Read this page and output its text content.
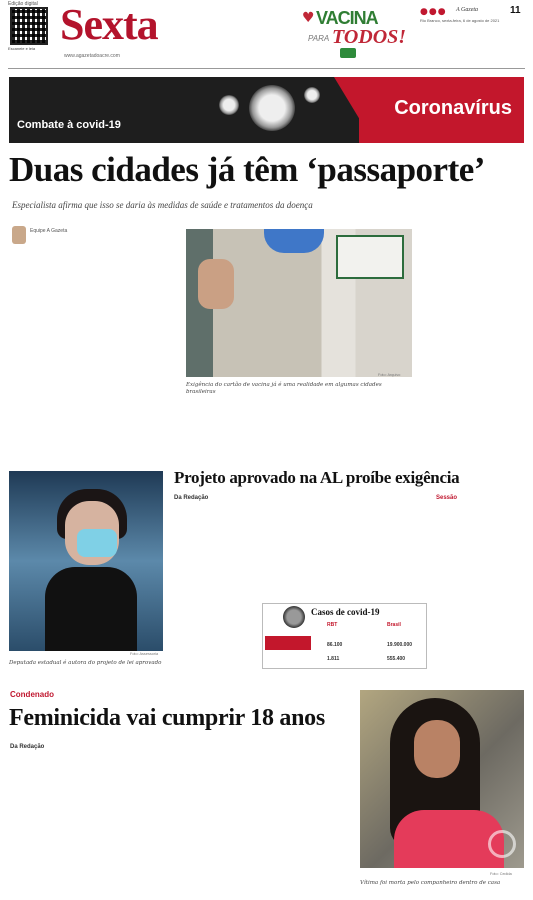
Edição digital
Escaneie e leia Sexta
www.agazetadoacre.com
♥ VACINA
PARA TODOS!
●●● A Gazeta	11
Rio Branco, sexta-feira, 6 de agosto de 2021
Coronavírus
Combate à covid-19
Duas cidades já têm ‘passaporte’
Especialista afirma que isso se daria às medidas de saúde e tratamentos da doença
Equipe A Gazeta
Foto: Arquivo
Exigência do cartão de vacina já é uma realidade em algumas cidades brasileiras
Foto: Assessoria
Deputada estadual é autora do projeto de lei aprovado
Projeto aprovado na AL proíbe exigência
Da Redação	Sessão
Casos de covid-19
RBT	Brasil
86.100	19.900.000
1.811	555.400
Condenado
Feminicida vai cumprir 18 anos
Da Redação
Foto: Cedida
Vítima foi morta pelo companheiro dentro de casa
